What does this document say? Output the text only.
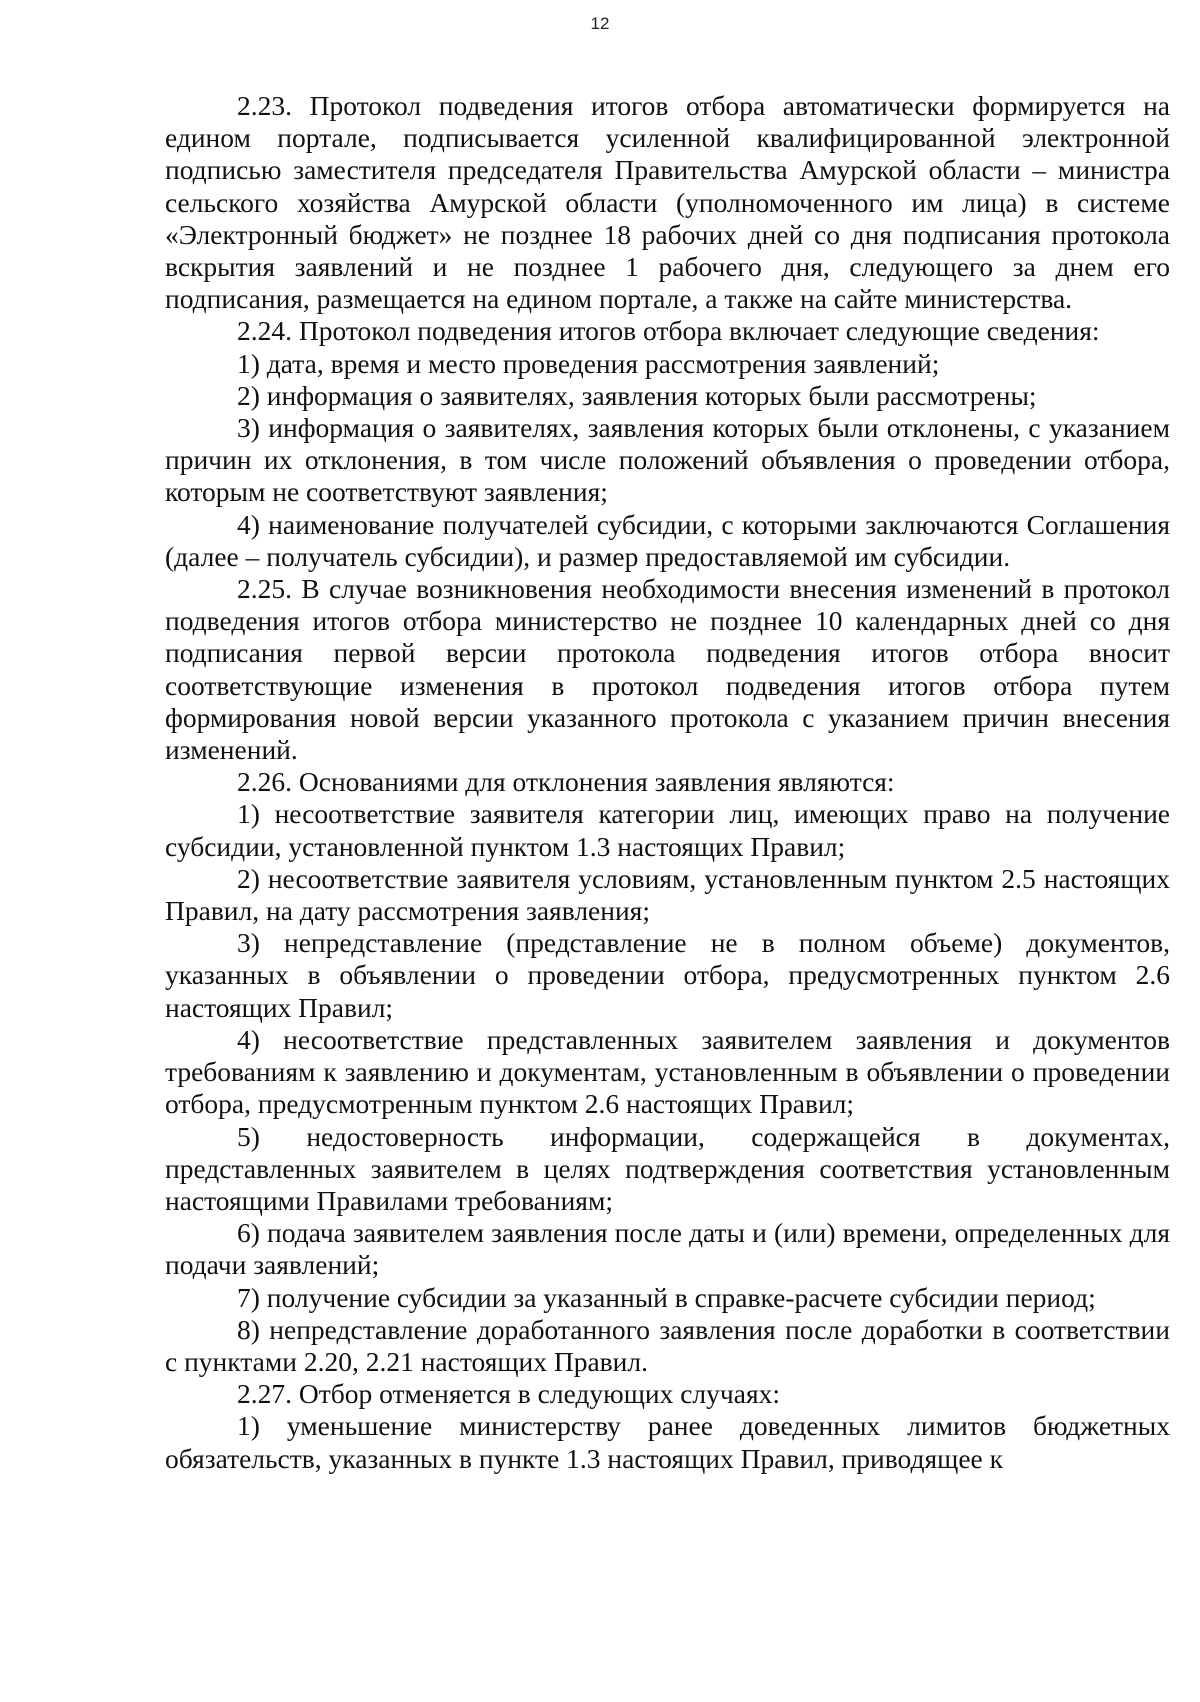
12

2.23. Протокол подведения итогов отбора автоматически формируется на едином портале, подписывается усиленной квалифицированной электронной подписью заместителя председателя Правительства Амурской области – министра сельского хозяйства Амурской области (уполномоченного им лица) в системе «Электронный бюджет» не позднее 18 рабочих дней со дня подписания протокола вскрытия заявлений и не позднее 1 рабочего дня, следующего за днем его подписания, размещается на едином портале, а также на сайте министерства.

2.24. Протокол подведения итогов отбора включает следующие сведения:

1) дата, время и место проведения рассмотрения заявлений;

2) информация о заявителях, заявления которых были рассмотрены;

3) информация о заявителях, заявления которых были отклонены, с указанием причин их отклонения, в том числе положений объявления о проведении отбора, которым не соответствуют заявления;

4) наименование получателей субсидии, с которыми заключаются Соглашения (далее – получатель субсидии), и размер предоставляемой им субсидии.

2.25. В случае возникновения необходимости внесения изменений в протокол подведения итогов отбора министерство не позднее 10 календарных дней со дня подписания первой версии протокола подведения итогов отбора вносит соответствующие изменения в протокол подведения итогов отбора путем формирования новой версии указанного протокола с указанием причин внесения изменений.

2.26. Основаниями для отклонения заявления являются:

1) несоответствие заявителя категории лиц, имеющих право на получение субсидии, установленной пунктом 1.3 настоящих Правил;

2) несоответствие заявителя условиям, установленным пунктом 2.5 настоящих Правил, на дату рассмотрения заявления;

3) непредставление (представление не в полном объеме) документов, указанных в объявлении о проведении отбора, предусмотренных пунктом 2.6 настоящих Правил;

4) несоответствие представленных заявителем заявления и документов требованиям к заявлению и документам, установленным в объявлении о проведении отбора, предусмотренным пунктом 2.6 настоящих Правил;

5) недостоверность информации, содержащейся в документах, представленных заявителем в целях подтверждения соответствия установленным настоящими Правилами требованиям;

6) подача заявителем заявления после даты и (или) времени, определенных для подачи заявлений;

7) получение субсидии за указанный в справке-расчете субсидии период;

8) непредставление доработанного заявления после доработки в соответствии с пунктами 2.20, 2.21 настоящих Правил.

2.27. Отбор отменяется в следующих случаях:

1) уменьшение министерству ранее доведенных лимитов бюджетных обязательств, указанных в пункте 1.3 настоящих Правил, приводящее к
